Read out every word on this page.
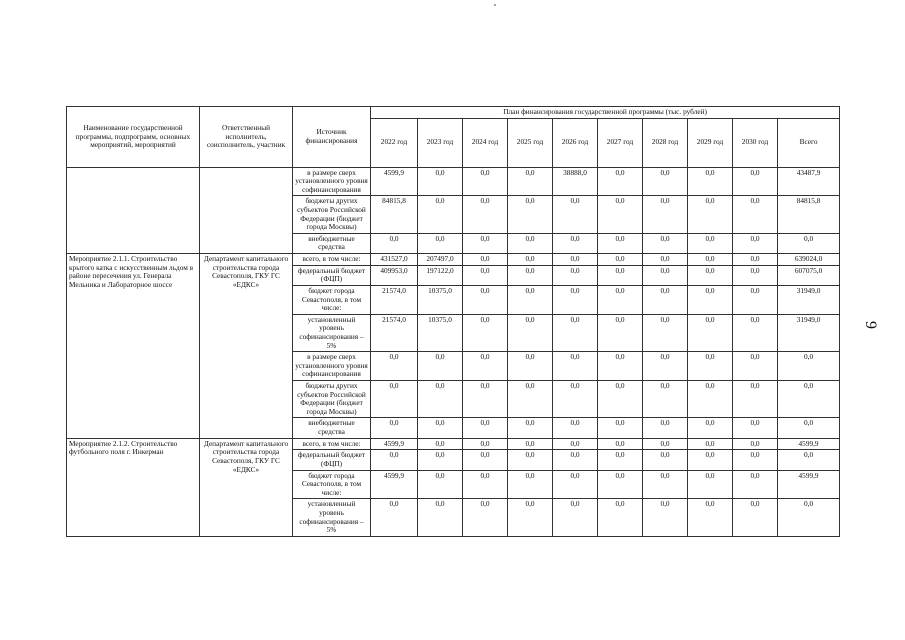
Наименование государственной программы, подпрограмм, основных мероприятий, мероприятий	Ответственный исполнитель, соисполнитель, участник	Источник финансирования	План финансирования государственной программы (тыс. рублей)									
			2022 год	2023 год	2024 год	2025 год	2026 год	2027 год	2028 год	2029 год	2030 год	Всего
		в размере сверх установленного уровня софинансирования	4599,9	0,0	0,0	0,0	38888,0	0,0	0,0	0,0	0,0	43487,9
		бюджеты других субъектов Российской Федерации (бюджет города Москвы)	84815,8	0,0	0,0	0,0	0,0	0,0	0,0	0,0	0,0	84815,8
		внебюджетные средства	0,0	0,0	0,0	0,0	0,0	0,0	0,0	0,0	0,0	0,0
Мероприятие 2.1.1. Строительство крытого катка с искусственным льдом в районе пересечения ул. Генерала Мельника и Лабораторное шоссе	Департамент капитального строительства города Севастополя, ГКУ ГС «ЕДКС»	всего, в том числе:	431527,0	207497,0	0,0	0,0	0,0	0,0	0,0	0,0	0,0	639024,0
		федеральный бюджет (ФЦП)	409953,0	197122,0	0,0	0,0	0,0	0,0	0,0	0,0	0,0	607075,0
		бюджет города Севастополя, в том числе:	21574,0	10375,0	0,0	0,0	0,0	0,0	0,0	0,0	0,0	31949,0
		установленный уровень софинансирования – 5%	21574,0	10375,0	0,0	0,0	0,0	0,0	0,0	0,0	0,0	31949,0
		в размере сверх установленного уровня софинансирования	0,0	0,0	0,0	0,0	0,0	0,0	0,0	0,0	0,0	0,0
		бюджеты других субъектов Российской Федерации (бюджет города Москвы)	0,0	0,0	0,0	0,0	0,0	0,0	0,0	0,0	0,0	0,0
		внебюджетные средства	0,0	0,0	0,0	0,0	0,0	0,0	0,0	0,0	0,0	0,0
Мероприятие 2.1.2. Строительство футбольного поля г. Инкерман	Департамент капитального строительства города Севастополя, ГКУ ГС «ЕДКС»	всего, в том числе:	4599,9	0,0	0,0	0,0	0,0	0,0	0,0	0,0	0,0	4599,9
		федеральный бюджет (ФЦП)	0,0	0,0	0,0	0,0	0,0	0,0	0,0	0,0	0,0	0,0
		бюджет города Севастополя, в том числе:	4599,9	0,0	0,0	0,0	0,0	0,0	0,0	0,0	0,0	4599,9
		установленный уровень софинансирования – 5%	0,0	0,0	0,0	0,0	0,0	0,0	0,0	0,0	0,0	0,0
9
